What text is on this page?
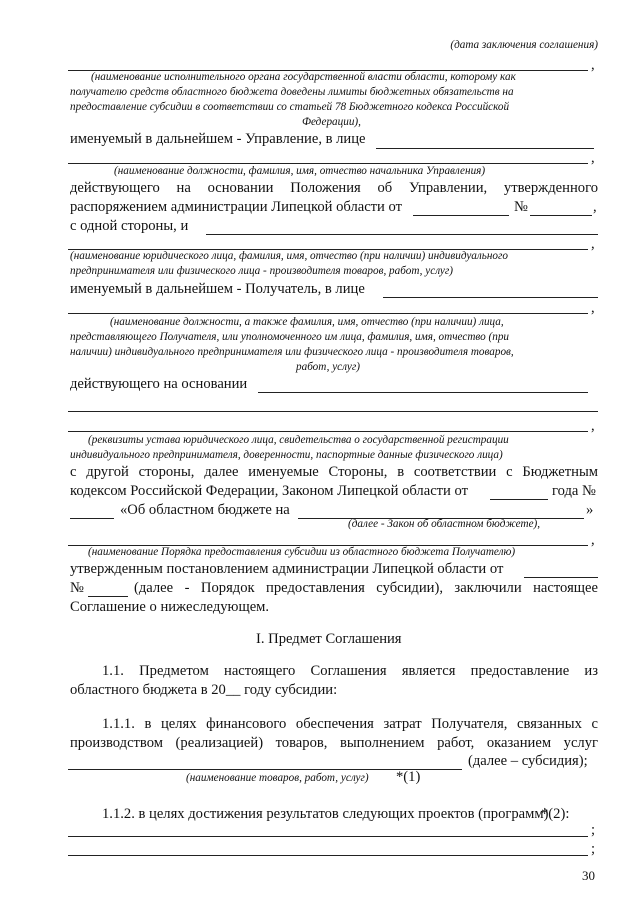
(дата заключения соглашения)
,
(наименование исполнительного органа государственной власти области, которому как
получателю средств областного бюджета доведены лимиты бюджетных обязательств на
предоставление субсидии в соответствии со статьей 78 Бюджетного кодекса Российской
Федерации),
именуемый в дальнейшем - Управление, в лице
,
(наименование должности, фамилия, имя, отчество начальника Управления)
действующего на основании Положения об Управлении, утвержденного
распоряжением администрации Липецкой области от	№	,
с одной стороны, и
,
(наименование юридического лица, фамилия, имя, отчество (при наличии) индивидуального
предпринимателя или физического лица - производителя товаров, работ, услуг)
именуемый в дальнейшем - Получатель, в лице
,
(наименование должности, а также фамилия, имя, отчество (при наличии) лица,
представляющего Получателя, или уполномоченного им лица, фамилия, имя, отчество (при
наличии) индивидуального предпринимателя или физического лица - производителя товаров,
работ, услуг)
действующего на основании
,
(реквизиты устава юридического лица, свидетельства о государственной регистрации
индивидуального предпринимателя, доверенности, паспортные данные физического лица)
с другой стороны, далее именуемые Стороны, в соответствии с Бюджетным
кодексом Российской Федерации, Законом Липецкой области от	года №
«Об областном бюджете на	»
(далее - Закон об областном бюджете),
,
(наименование Порядка предоставления субсидии из областного бюджета Получателю)
утвержденным постановлением администрации Липецкой области от
№	(далее - Порядок предоставления субсидии), заключили настоящее
Соглашение о нижеследующем.
I. Предмет Соглашения
1.1. Предметом настоящего Соглашения является предоставление из
областного бюджета в 20__ году субсидии:
1.1.1. в целях финансового обеспечения затрат Получателя, связанных с
производством (реализацией) товаров, выполнением работ, оказанием услуг
(далее – субсидия);
(наименование товаров, работ, услуг) *(1)
1.1.2. в целях достижения результатов следующих проектов (программ)
*(2):
;
;
30
